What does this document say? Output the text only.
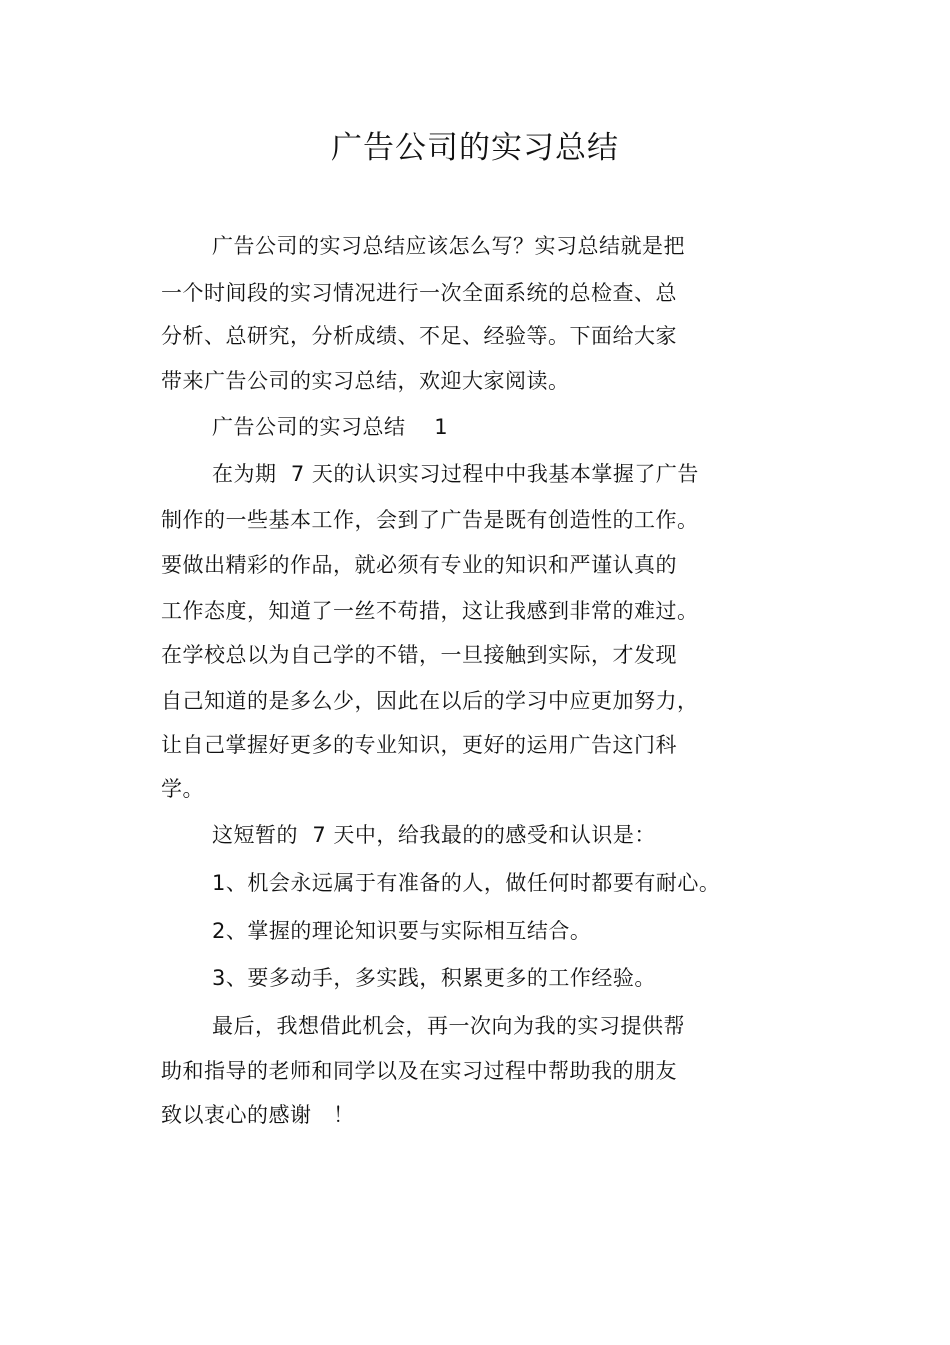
广告公司的实习总结
广告公司的实习总结应该怎么写？实习总结就是把
一个时间段的实习情况进行一次全面系统的总检查、总
分析、总研究，分析成绩、不足、经验等。下面给大家
带来广告公司的实习总结，欢迎大家阅读。
广告公司的实习总结    1
在为期  7 天的认识实习过程中中我基本掌握了广告
制作的一些基本工作，会到了广告是既有创造性的工作。
要做出精彩的作品，就必须有专业的知识和严谨认真的
工作态度，知道了一丝不苟措，这让我感到非常的难过。
在学校总以为自己学的不错，一旦接触到实际，才发现
自己知道的是多么少，因此在以后的学习中应更加努力，
让自己掌握好更多的专业知识，更好的运用广告这门科
学。
这短暂的  7 天中，给我最的的感受和认识是：
1、机会永远属于有准备的人，做任何时都要有耐心。
2、掌握的理论知识要与实际相互结合。
3、要多动手，多实践，积累更多的工作经验。
最后，我想借此机会，再一次向为我的实习提供帮
助和指导的老师和同学以及在实习过程中帮助我的朋友
致以衷心的感谢   ！
